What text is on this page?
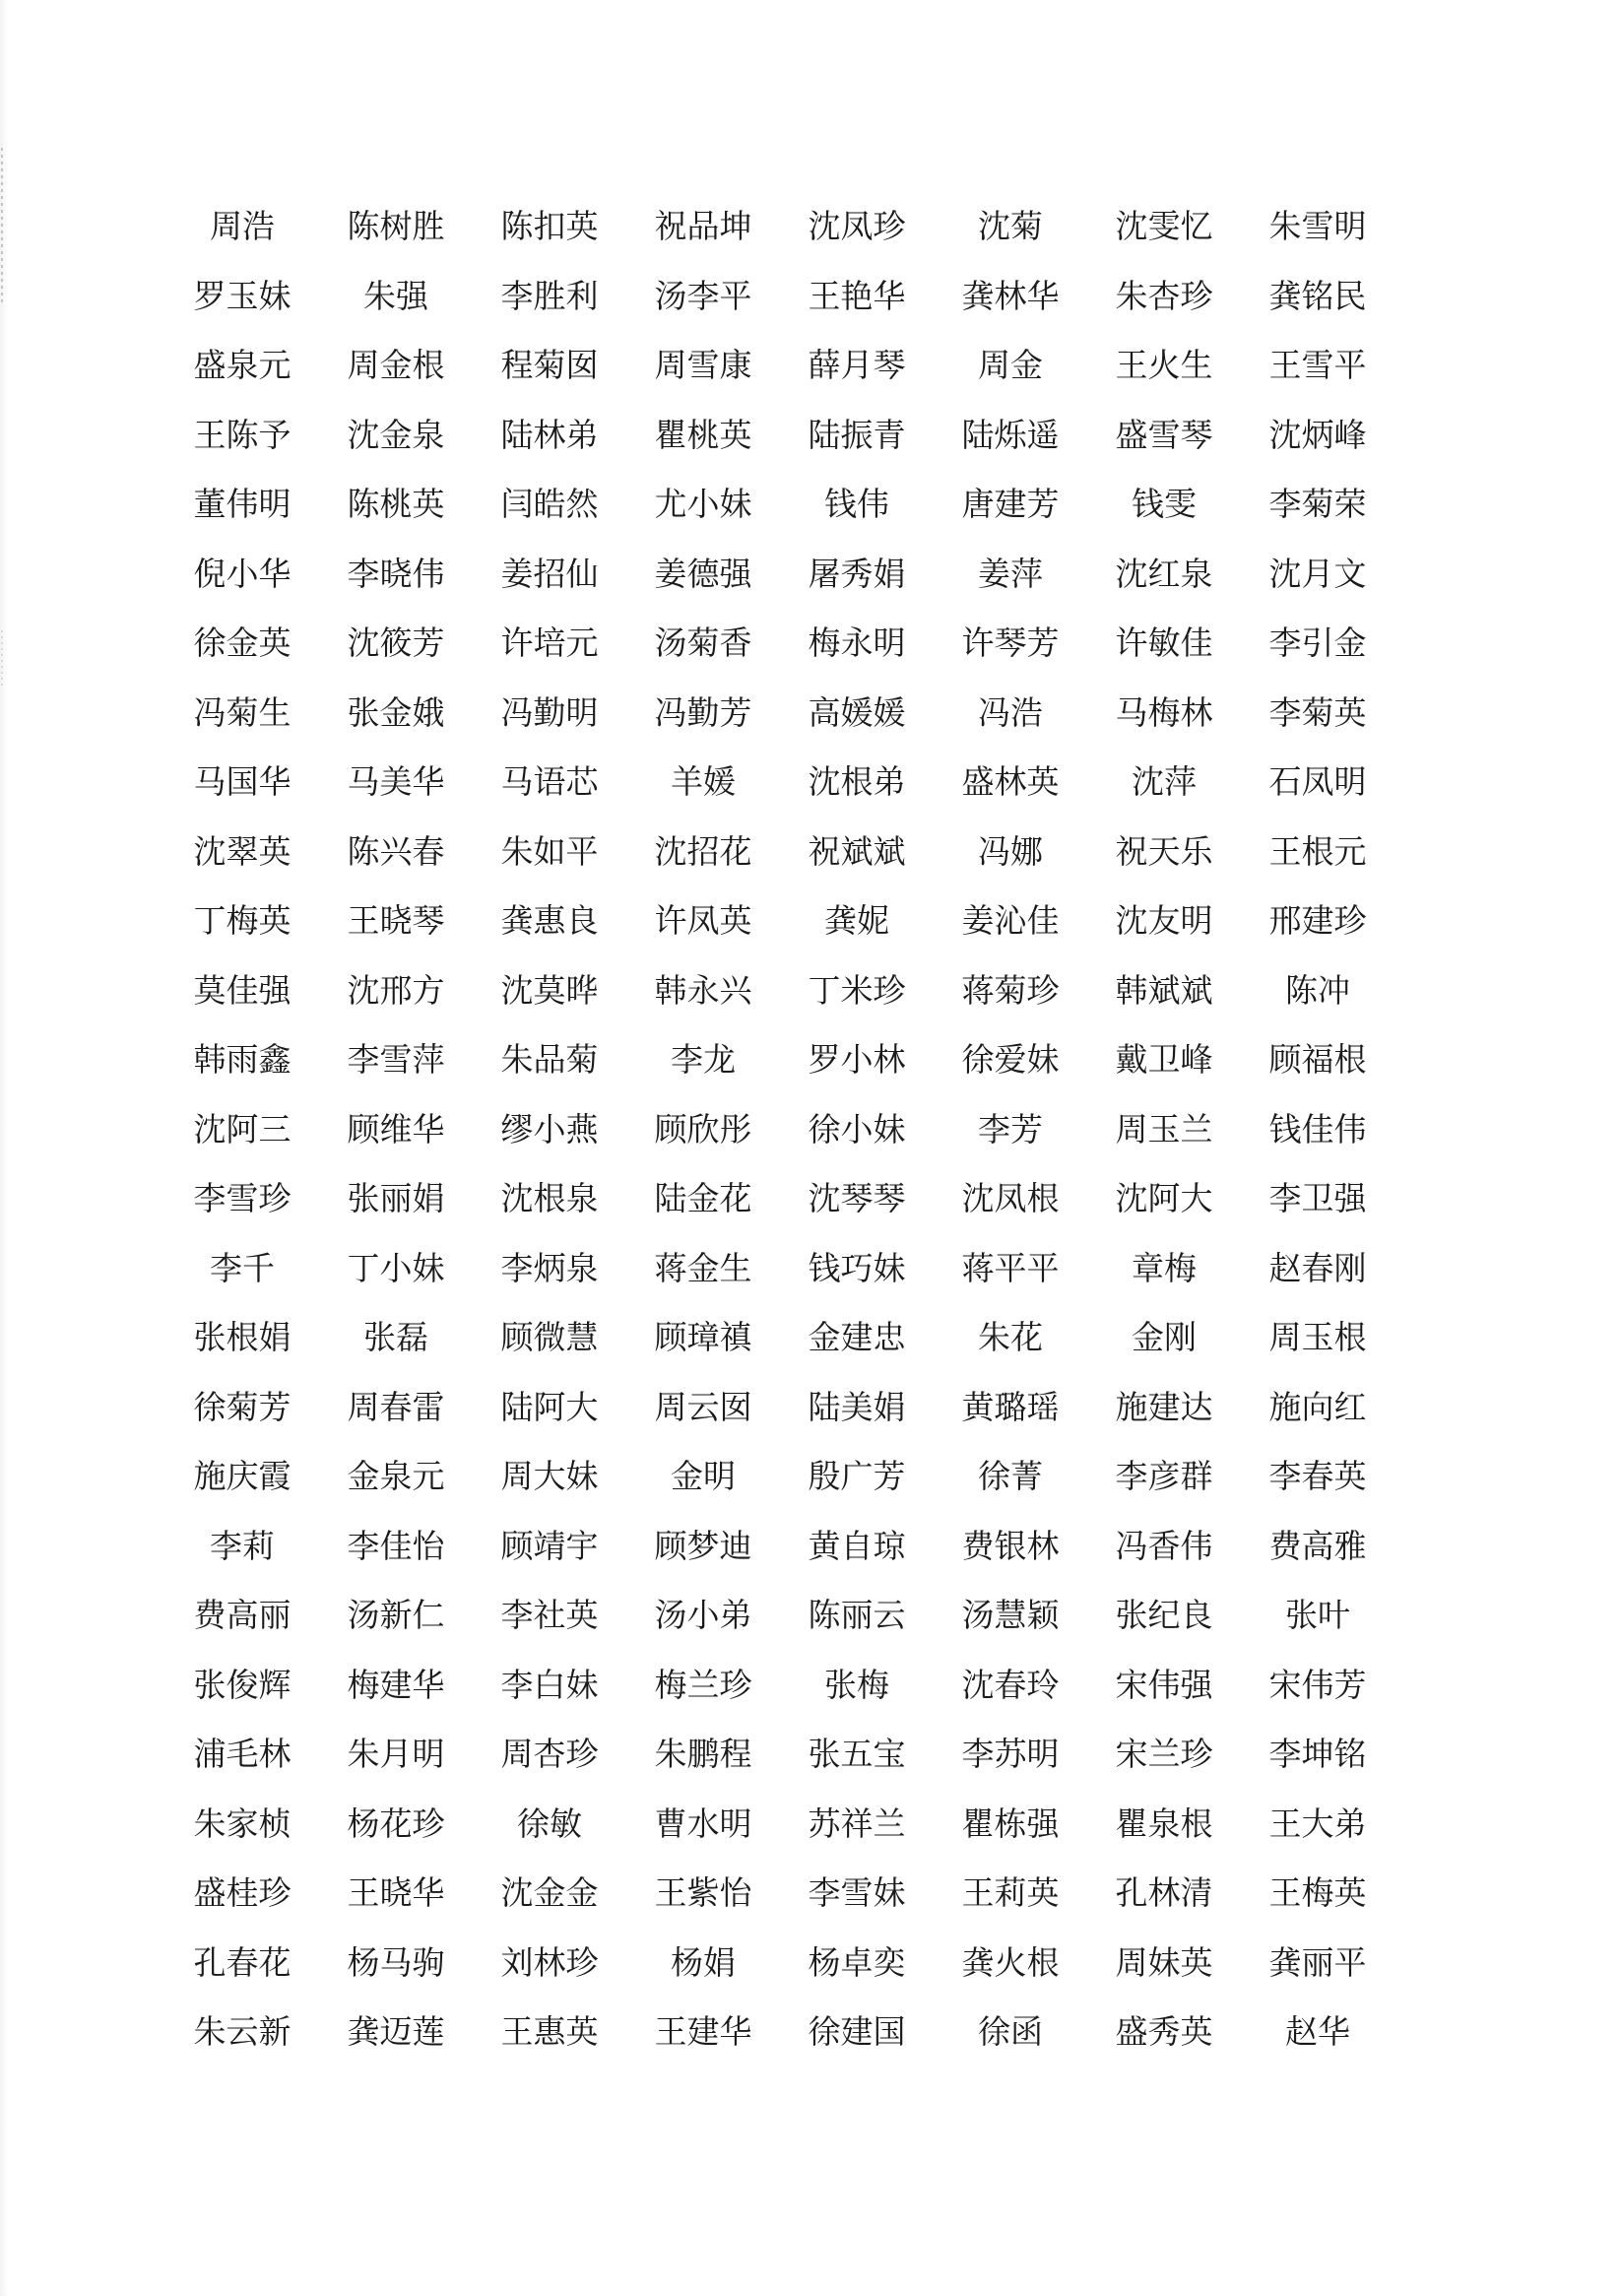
周浩	陈树胜	陈扣英	祝品坤	沈凤珍	沈菊	沈雯忆	朱雪明
罗玉妹	朱强	李胜利	汤李平	王艳华	龚林华	朱杏珍	龚铭民
盛泉元	周金根	程菊囡	周雪康	薛月琴	周金	王火生	王雪平
王陈予	沈金泉	陆林弟	瞿桃英	陆振青	陆烁遥	盛雪琴	沈炳峰
董伟明	陈桃英	闫皓然	尤小妹	钱伟	唐建芳	钱雯	李菊荣
倪小华	李晓伟	姜招仙	姜德强	屠秀娟	姜萍	沈红泉	沈月文
徐金英	沈筱芳	许培元	汤菊香	梅永明	许琴芳	许敏佳	李引金
冯菊生	张金娥	冯勤明	冯勤芳	高媛媛	冯浩	马梅林	李菊英
马国华	马美华	马语芯	羊媛	沈根弟	盛林英	沈萍	石凤明
沈翠英	陈兴春	朱如平	沈招花	祝斌斌	冯娜	祝天乐	王根元
丁梅英	王晓琴	龚惠良	许凤英	龚妮	姜沁佳	沈友明	邢建珍
莫佳强	沈邢方	沈莫晔	韩永兴	丁米珍	蒋菊珍	韩斌斌	陈冲
韩雨鑫	李雪萍	朱品菊	李龙	罗小林	徐爱妹	戴卫峰	顾福根
沈阿三	顾维华	缪小燕	顾欣彤	徐小妹	李芳	周玉兰	钱佳伟
李雪珍	张丽娟	沈根泉	陆金花	沈琴琴	沈凤根	沈阿大	李卫强
李千	丁小妹	李炳泉	蒋金生	钱巧妹	蒋平平	章梅	赵春刚
张根娟	张磊	顾微慧	顾璋禛	金建忠	朱花	金刚	周玉根
徐菊芳	周春雷	陆阿大	周云囡	陆美娟	黄璐瑶	施建达	施向红
施庆霞	金泉元	周大妹	金明	殷广芳	徐菁	李彦群	李春英
李莉	李佳怡	顾靖宇	顾梦迪	黄自琼	费银林	冯香伟	费高雅
费高丽	汤新仁	李社英	汤小弟	陈丽云	汤慧颖	张纪良	张叶
张俊辉	梅建华	李白妹	梅兰珍	张梅	沈春玲	宋伟强	宋伟芳
浦毛林	朱月明	周杏珍	朱鹏程	张五宝	李苏明	宋兰珍	李坤铭
朱家桢	杨花珍	徐敏	曹水明	苏祥兰	瞿栋强	瞿泉根	王大弟
盛桂珍	王晓华	沈金金	王紫怡	李雪妹	王莉英	孔林清	王梅英
孔春花	杨马驹	刘林珍	杨娟	杨卓奕	龚火根	周妹英	龚丽平
朱云新	龚迈莲	王惠英	王建华	徐建国	徐函	盛秀英	赵华
